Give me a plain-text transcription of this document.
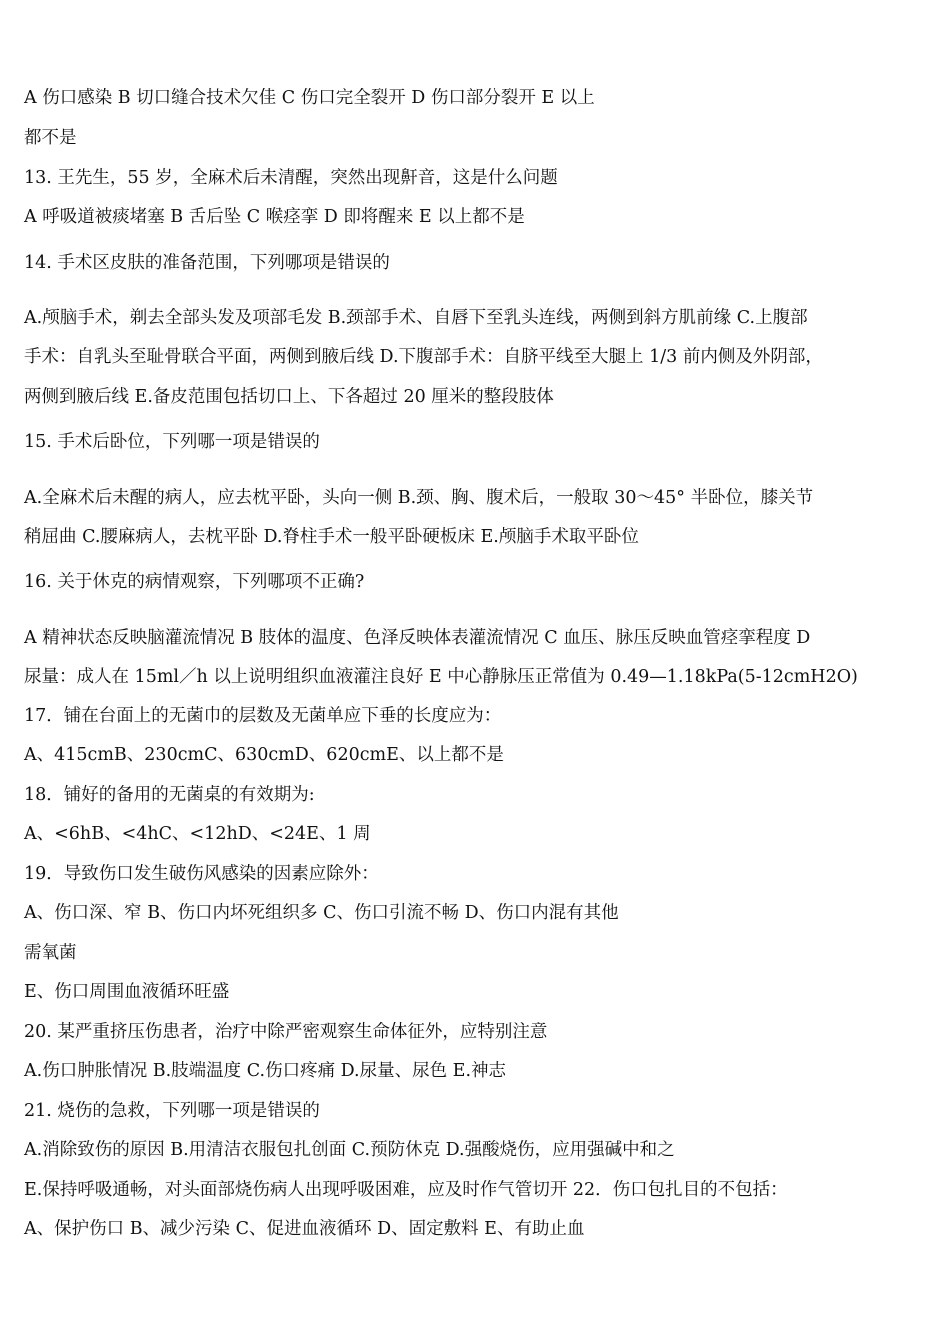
A 伤口感染 B 切口缝合技术欠佳 C 伤口完全裂开 D 伤口部分裂开 E 以上
都不是
13. 王先生，55 岁，全麻术后未清醒，突然出现鼾音，这是什么问题
A 呼吸道被痰堵塞 B 舌后坠 C 喉痉挛 D 即将醒来 E 以上都不是
14. 手术区皮肤的准备范围，下列哪项是错误的
A.颅脑手术，剃去全部头发及项部毛发 B.颈部手术、自唇下至乳头连线，两侧到斜方肌前缘 C.上腹部
手术：自乳头至耻骨联合平面，两侧到腋后线 D.下腹部手术：自脐平线至大腿上 1/3 前内侧及外阴部，
两侧到腋后线 E.备皮范围包括切口上、下各超过 20 厘米的整段肢体
15. 手术后卧位，下列哪一项是错误的
A.全麻术后未醒的病人，应去枕平卧，头向一侧 B.颈、胸、腹术后，一般取 30～45° 半卧位，膝关节
稍屈曲 C.腰麻病人，去枕平卧 D.脊柱手术一般平卧硬板床 E.颅脑手术取平卧位
16. 关于休克的病情观察，下列哪项不正确?
A 精神状态反映脑灌流情况 B 肢体的温度、色泽反映体表灌流情况 C 血压、脉压反映血管痉挛程度 D
尿量：成人在 15ml／h 以上说明组织血液灌注良好 E 中心静脉压正常值为 0.49—1.18kPa(5-12cmH2O)
17．铺在台面上的无菌巾的层数及无菌单应下垂的长度应为：
A、415cmB、230cmC、630cmD、620cmE、以上都不是
18．铺好的备用的无菌桌的有效期为:
A、<6hB、<4hC、<12hD、<24E、1 周
19．导致伤口发生破伤风感染的因素应除外：
A、伤口深、窄 B、伤口内坏死组织多 C、伤口引流不畅 D、伤口内混有其他
需氧菌
E、伤口周围血液循环旺盛
20. 某严重挤压伤患者，治疗中除严密观察生命体征外，应特别注意
A.伤口肿胀情况 B.肢端温度 C.伤口疼痛 D.尿量、尿色 E.神志
21. 烧伤的急救，下列哪一项是错误的
A.消除致伤的原因 B.用清洁衣服包扎创面 C.预防休克 D.强酸烧伤，应用强碱中和之
E.保持呼吸通畅，对头面部烧伤病人出现呼吸困难，应及时作气管切开 22．伤口包扎目的不包括：
A、保护伤口 B、减少污染 C、促进血液循环 D、固定敷料 E、有助止血
